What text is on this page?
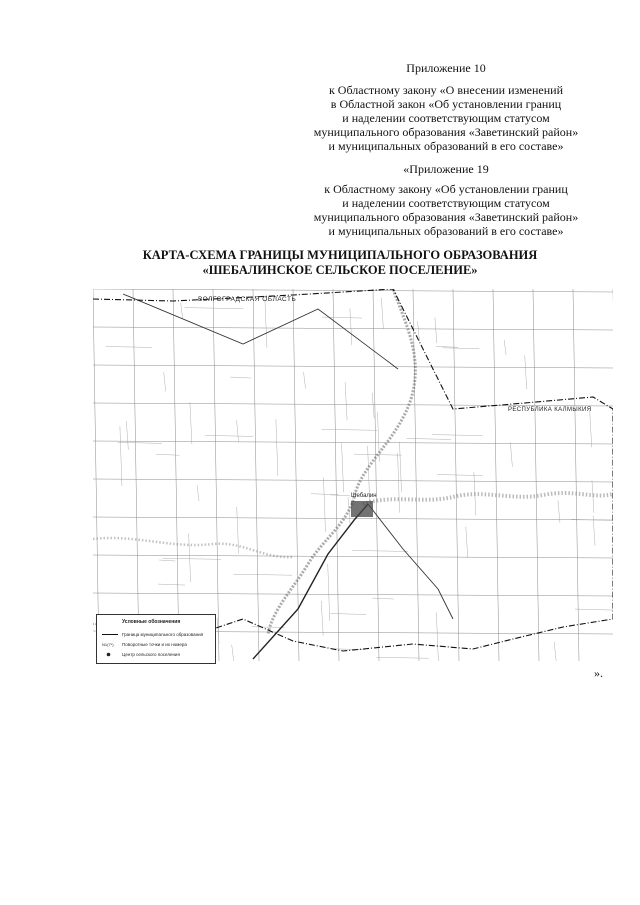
Приложение 10
к Областному закону «О внесении изменений
в Областной закон «Об установлении границ
и наделении соответствующим статусом
муниципального образования «Заветинский район»
и муниципальных образований в его составе»
«Приложение 19
к Областному закону «Об установлении границ
и наделении соответствующим статусом
муниципального образования «Заветинский район»
и муниципальных образований в его составе»
КАРТА-СХЕМА ГРАНИЦЫ МУНИЦИПАЛЬНОГО ОБРАЗОВАНИЯ
«ШЕБАЛИНСКОЕ СЕЛЬСКОЕ ПОСЕЛЕНИЕ»
Шебалин
ВОЛГОГРАДСКАЯ ОБЛАСТЬ
РЕСПУБЛИКА КАЛМЫКИЯ
Условные обозначения
Граница муниципального образования
N1(7*) Поворотные точки и их номера
Центр сельского поселения
».
